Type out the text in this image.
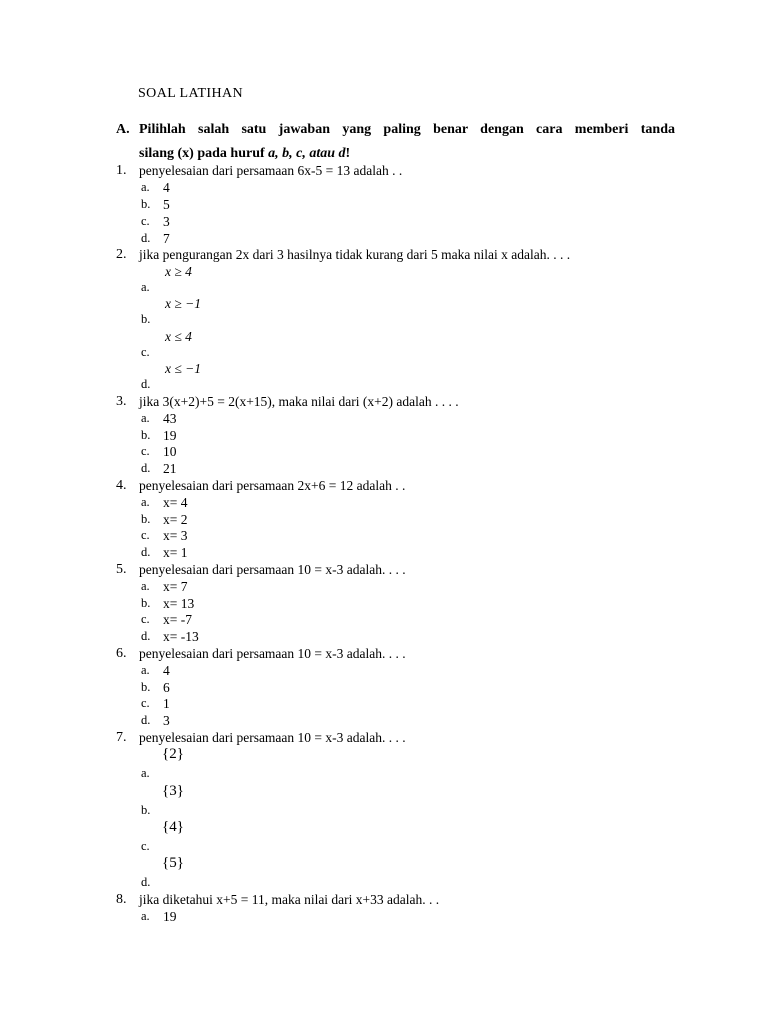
SOAL LATIHAN
A. Pilihlah salah satu jawaban yang paling benar dengan cara memberi tanda
silang (x) pada huruf a, b, c, atau d!
1. penyelesaian dari persamaan 6x-5 = 13 adalah . .
a. 4
b. 5
c. 3
d. 7
2. jika pengurangan 2x dari 3 hasilnya tidak kurang dari 5 maka nilai x adalah. . . .
x ≥ 4
a.
x ≥ −1
b.
x ≤ 4
c.
x ≤ −1
d.
3. jika 3(x+2)+5 = 2(x+15), maka nilai dari (x+2) adalah . . . .
a. 43
b. 19
c. 10
d. 21
4. penyelesaian dari persamaan 2x+6 = 12 adalah . .
a. x= 4
b. x= 2
c. x= 3
d. x= 1
5. penyelesaian dari persamaan 10 = x-3 adalah. . . .
a. x= 7
b. x= 13
c. x= -7
d. x= -13
6. penyelesaian dari persamaan 10 = x-3 adalah. . . .
a. 4
b. 6
c. 1
d. 3
7. penyelesaian dari persamaan 10 = x-3 adalah. . . .
{2}
a.
{3}
b.
{4}
c.
{5}
d.
8. jika diketahui x+5 = 11, maka nilai dari x+33 adalah. . .
a. 19
